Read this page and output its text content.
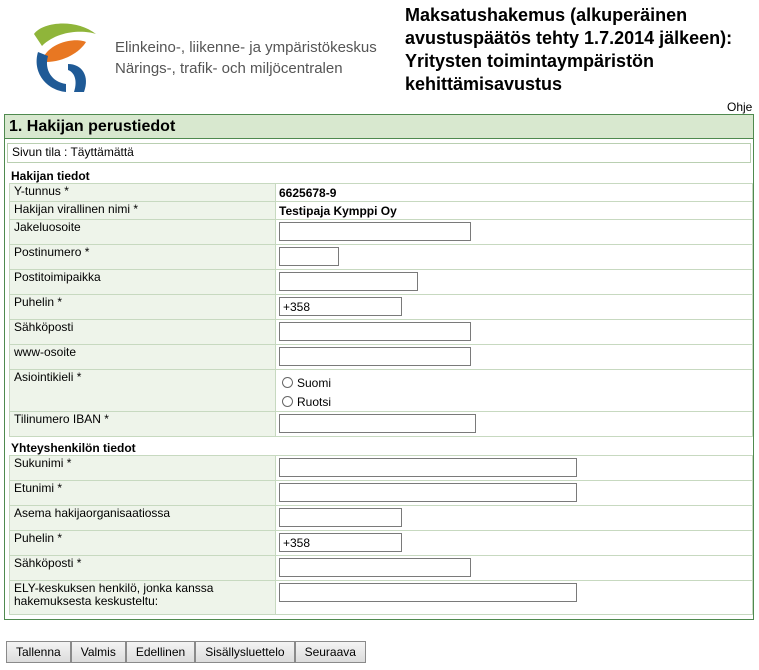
Elinkeino-, liikenne- ja ympäristökeskus
Närings-, trafik- och miljöcentralen
Maksatushakemus (alkuperäinen avustuspäätös tehty 1.7.2014 jälkeen): Yritysten toimintaympäristön kehittämisavustus
Ohje
1. Hakijan perustiedot
Sivun tila : Täyttämättä
Hakijan tiedot
Y-tunnus *	6625678-9
Hakijan virallinen nimi *	Testipaja Kymppi Oy
Jakeluosoite	
Postinumero *	
Postitoimipaikka	
Puhelin *	+358
Sähköposti	
www-osoite	
Asiointikieli *	Suomi
Ruotsi

Tilinumero IBAN *	
Yhteyshenkilön tiedot
Sukunimi *	
Etunimi *	
Asema hakijaorganisaatiossa	
Puhelin *	+358
Sähköposti *	
ELY-keskuksen henkilö, jonka kanssa hakemuksesta keskusteltu:	
Tallenna	Valmis	Edellinen	Sisällysluettelo	Seuraava
